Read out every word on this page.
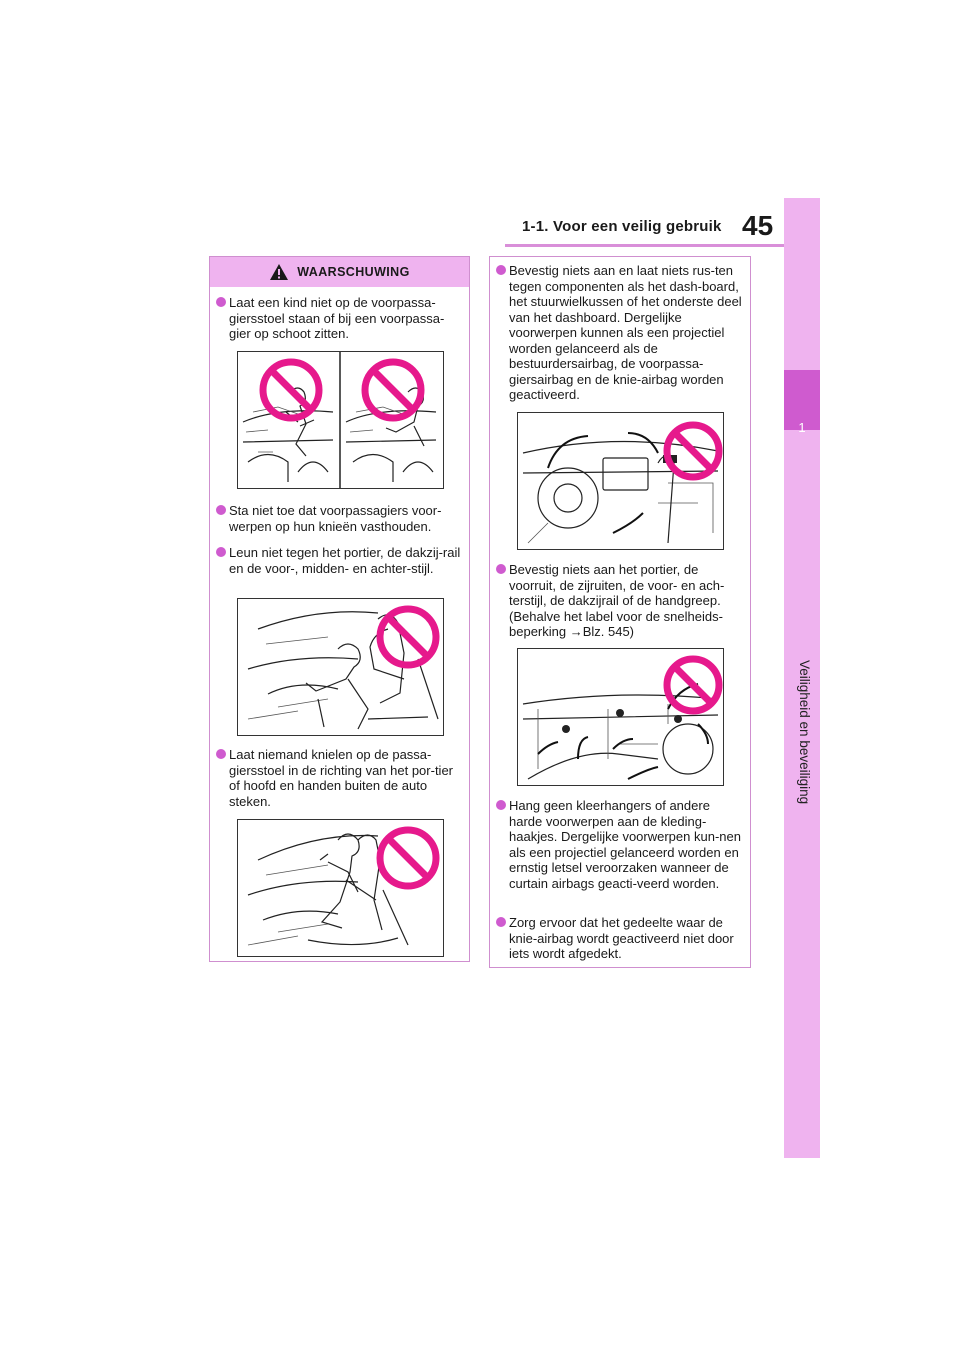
45
1-1. Voor een veilig gebruik
1
Veiligheid en beveiliging
WAARSCHUWING
Laat een kind niet op de voorpassa-giersstoel staan of bij een voorpassa-gier op schoot zitten.
Sta niet toe dat voorpassagiers voor-werpen op hun knieën vasthouden.
Leun niet tegen het portier, de dakzij-rail en de voor-, midden- en achter-stijl.
Laat niemand knielen op de passa-giersstoel in de richting van het por-tier of hoofd en handen buiten de auto steken.
Bevestig niets aan en laat niets rus-ten tegen componenten als het dash-board, het stuurwielkussen of het onderste deel van het dashboard. Dergelijke voorwerpen kunnen als een projectiel worden gelanceerd als de bestuurdersairbag, de voorpassa-giersairbag en de knie-airbag worden geactiveerd.
Bevestig niets aan het portier, de voorruit, de zijruiten, de voor- en ach-terstijl, de dakzijrail of de handgreep. (Behalve het label voor de snelheids-beperking →Blz. 545)
Hang geen kleerhangers of andere harde voorwerpen aan de kleding-haakjes. Dergelijke voorwerpen kun-nen als een projectiel gelanceerd worden en ernstig letsel veroorzaken wanneer de curtain airbags geacti-veerd worden.
Zorg ervoor dat het gedeelte waar de knie-airbag wordt geactiveerd niet door iets wordt afgedekt.
